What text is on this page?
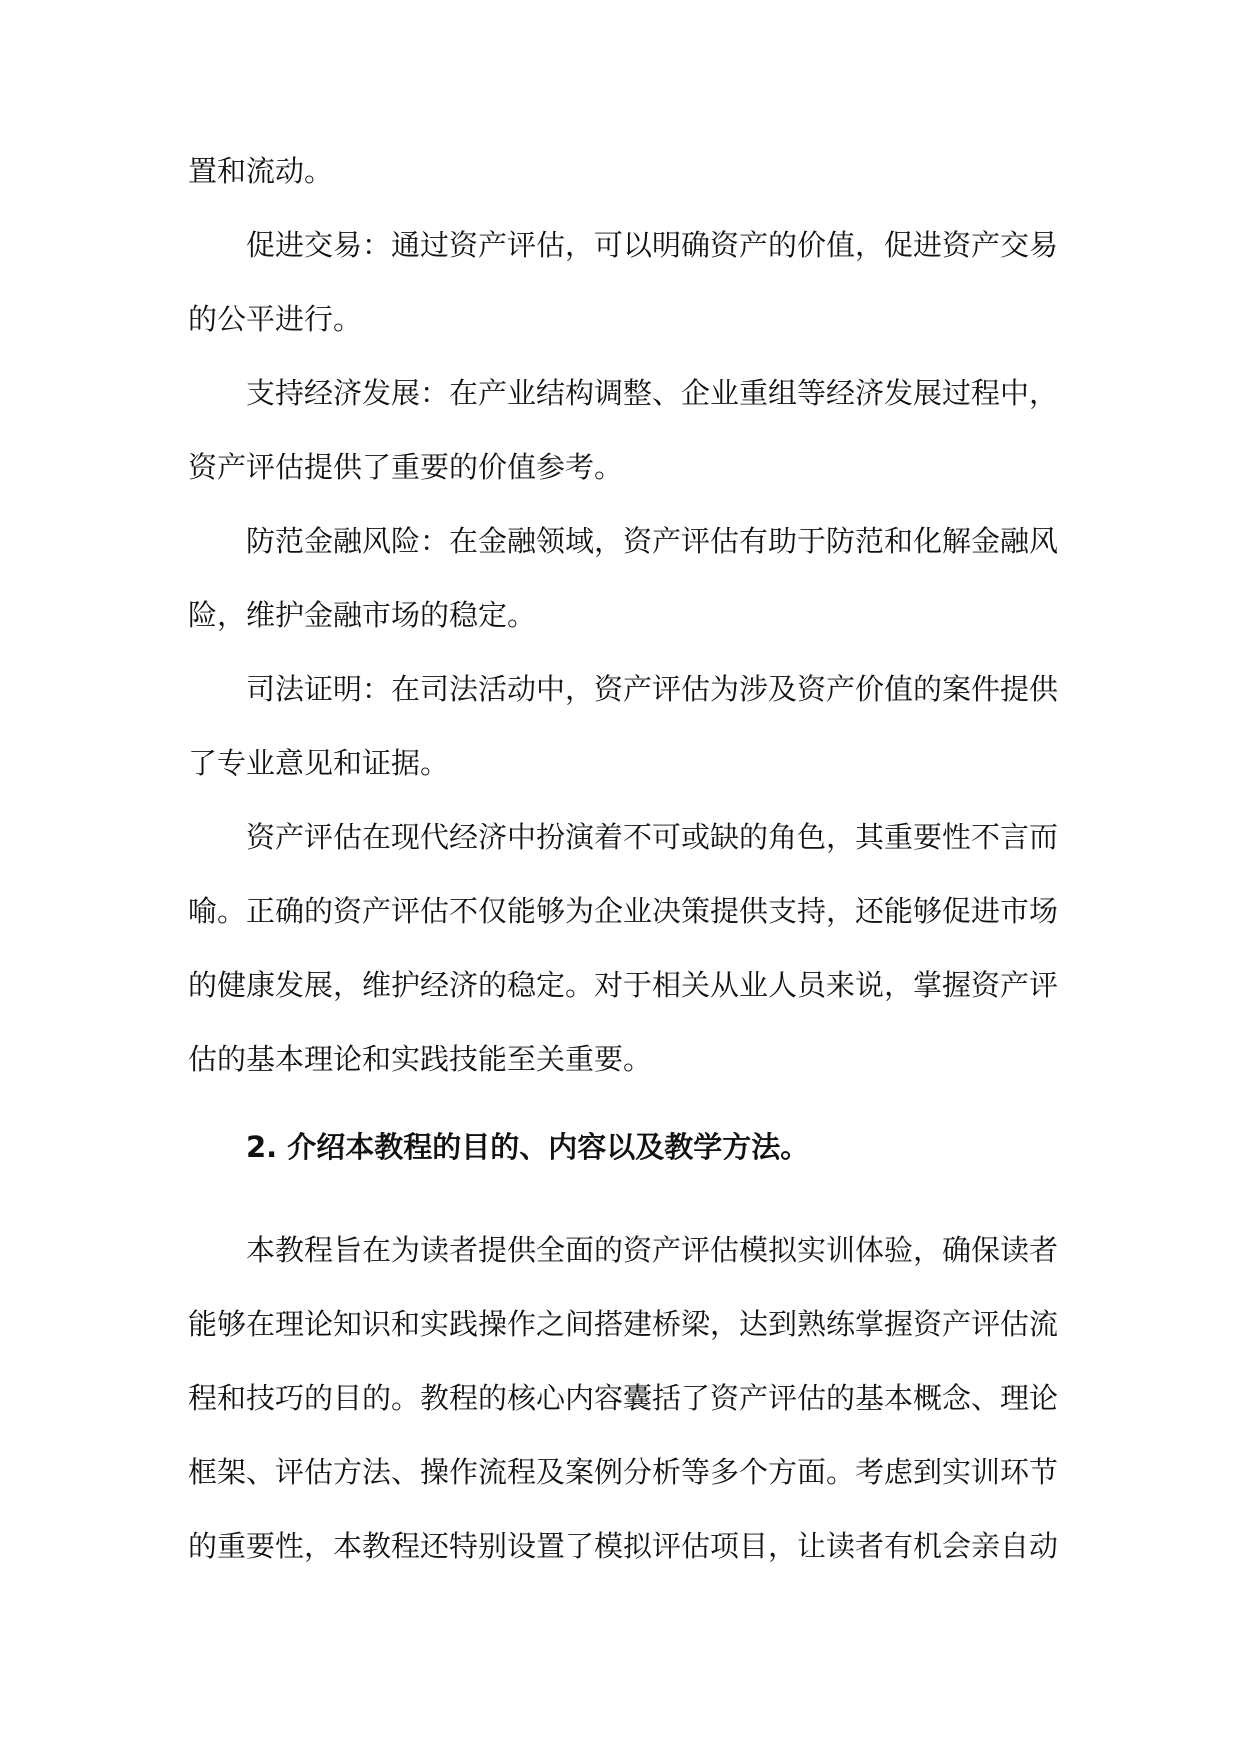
置和流动。

促进交易：通过资产评估，可以明确资产的价值，促进资产交易的公平进行。

支持经济发展：在产业结构调整、企业重组等经济发展过程中，资产评估提供了重要的价值参考。

防范金融风险：在金融领域，资产评估有助于防范和化解金融风险，维护金融市场的稳定。

司法证明：在司法活动中，资产评估为涉及资产价值的案件提供了专业意见和证据。

资产评估在现代经济中扮演着不可或缺的角色，其重要性不言而喻。正确的资产评估不仅能够为企业决策提供支持，还能够促进市场的健康发展，维护经济的稳定。对于相关从业人员来说，掌握资产评估的基本理论和实践技能至关重要。

2. 介绍本教程的目的、内容以及教学方法。

本教程旨在为读者提供全面的资产评估模拟实训体验，确保读者能够在理论知识和实践操作之间搭建桥梁，达到熟练掌握资产评估流程和技巧的目的。教程的核心内容囊括了资产评估的基本概念、理论框架、评估方法、操作流程及案例分析等多个方面。考虑到实训环节的重要性，本教程还特别设置了模拟评估项目，让读者有机会亲自动
